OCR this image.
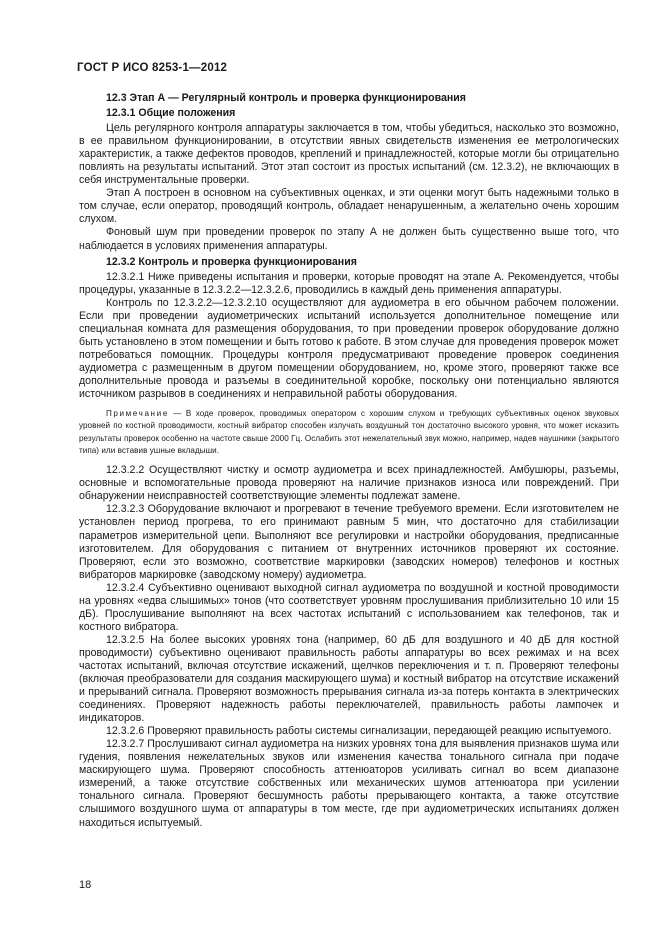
ГОСТ Р ИСО 8253-1—2012

12.3 Этап А — Регулярный контроль и проверка функционирования

12.3.1 Общие положения

Цель регулярного контроля аппаратуры заключается в том, чтобы убедиться, насколько это возможно, в ее правильном функционировании, в отсутствии явных свидетельств изменения ее метрологических характеристик, а также дефектов проводов, креплений и принадлежностей, которые могли бы отрицательно повлиять на результаты испытаний. Этот этап состоит из простых испытаний (см. 12.3.2), не включающих в себя инструментальные проверки.

Этап А построен в основном на субъективных оценках, и эти оценки могут быть надежными только в том случае, если оператор, проводящий контроль, обладает ненарушенным, а желательно очень хорошим слухом.

Фоновый шум при проведении проверок по этапу А не должен быть существенно выше того, что наблюдается в условиях применения аппаратуры.

12.3.2 Контроль и проверка функционирования

12.3.2.1 Ниже приведены испытания и проверки, которые проводят на этапе А. Рекомендуется, чтобы процедуры, указанные в 12.3.2.2—12.3.2.6, проводились в каждый день применения аппаратуры.

Контроль по 12.3.2.2—12.3.2.10 осуществляют для аудиометра в его обычном рабочем положении. Если при проведении аудиометрических испытаний используется дополнительное помещение или специальная комната для размещения оборудования, то при проведении проверок оборудование должно быть установлено в этом помещении и быть готово к работе. В этом случае для проведения проверок может потребоваться помощник. Процедуры контроля предусматривают проведение проверок соединения аудиометра с размещенным в другом помещении оборудованием, но, кроме этого, проверяют также все дополнительные провода и разъемы в соединительной коробке, поскольку они потенциально являются источником разрывов в соединениях и неправильной работы оборудования.

Примечание — В ходе проверок, проводимых оператором с хорошим слухом и требующих субъективных оценок звуковых уровней по костной проводимости, костный вибратор способен излучать воздушный тон достаточно высокого уровня, что может исказить результаты проверок особенно на частоте свыше 2000 Гц. Ослабить этот нежелательный звук можно, например, надев наушники (закрытого типа) или вставив ушные вкладыши.

12.3.2.2 Осуществляют чистку и осмотр аудиометра и всех принадлежностей. Амбушюры, разъемы, основные и вспомогательные провода проверяют на наличие признаков износа или повреждений. При обнаружении неисправностей соответствующие элементы подлежат замене.

12.3.2.3 Оборудование включают и прогревают в течение требуемого времени. Если изготовителем не установлен период прогрева, то его принимают равным 5 мин, что достаточно для стабилизации параметров измерительной цепи. Выполняют все регулировки и настройки оборудования, предписанные изготовителем. Для оборудования с питанием от внутренних источников проверяют их состояние. Проверяют, если это возможно, соответствие маркировки (заводских номеров) телефонов и костных вибраторов маркировке (заводскому номеру) аудиометра.

12.3.2.4 Субъективно оценивают выходной сигнал аудиометра по воздушной и костной проводимости на уровнях «едва слышимых» тонов (что соответствует уровням прослушивания приблизительно 10 или 15 дБ). Прослушивание выполняют на всех частотах испытаний с использованием как телефонов, так и костного вибратора.

12.3.2.5 На более высоких уровнях тона (например, 60 дБ для воздушного и 40 дБ для костной проводимости) субъективно оценивают правильность работы аппаратуры во всех режимах и на всех частотах испытаний, включая отсутствие искажений, щелчков переключения и т. п. Проверяют телефоны (включая преобразователи для создания маскирующего шума) и костный вибратор на отсутствие искажений и прерываний сигнала. Проверяют возможность прерывания сигнала из-за потерь контакта в электрических соединениях. Проверяют надежность работы переключателей, правильность работы лампочек и индикаторов.

12.3.2.6 Проверяют правильность работы системы сигнализации, передающей реакцию испытуемого.

12.3.2.7 Прослушивают сигнал аудиометра на низких уровнях тона для выявления признаков шума или гудения, появления нежелательных звуков или изменения качества тонального сигнала при подаче маскирующего шума. Проверяют способность аттенюаторов усиливать сигнал во всем диапазоне измерений, а также отсутствие собственных или механических шумов аттенюатора при усилении тонального сигнала. Проверяют бесшумность работы прерывающего контакта, а также отсутствие слышимого воздушного шума от аппаратуры в том месте, где при аудиометрических испытаниях должен находиться испытуемый.

18
